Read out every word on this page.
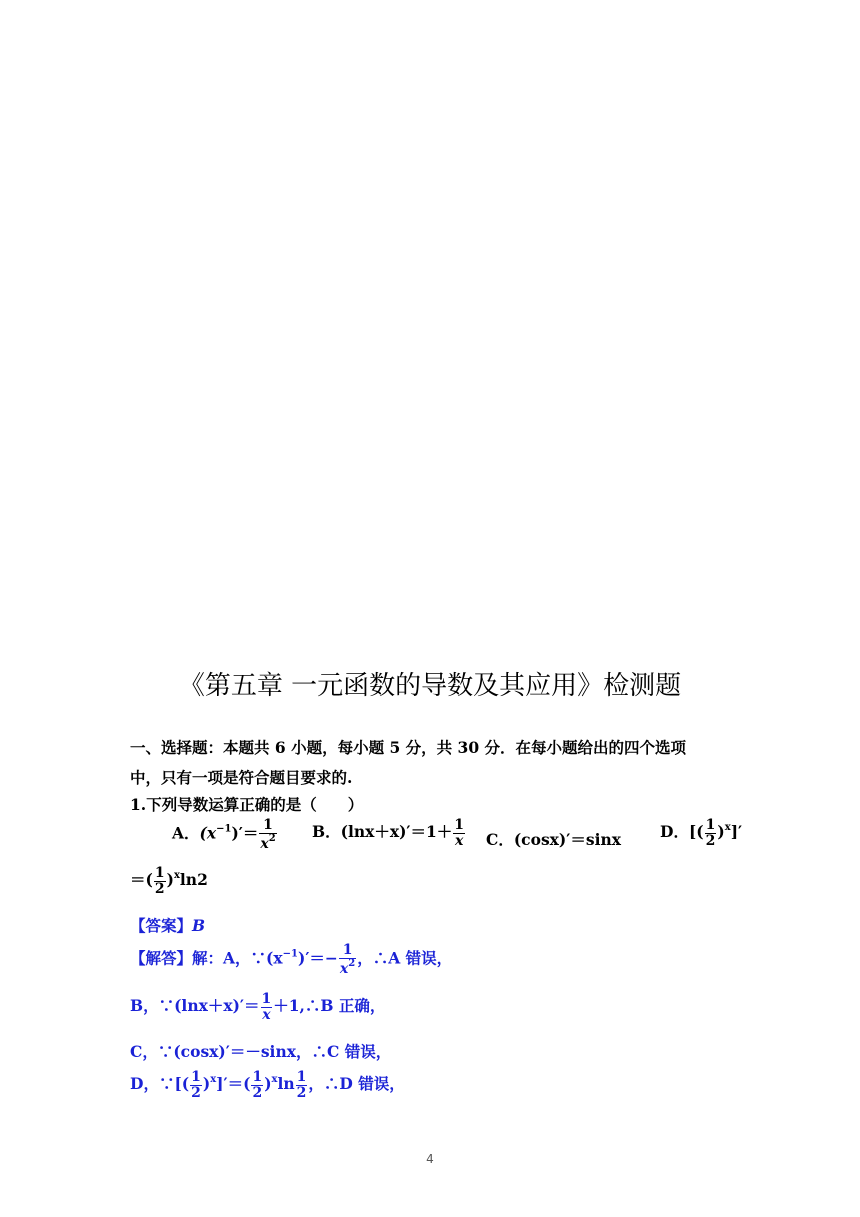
《第五章 一元函数的导数及其应用》检测题
一、选择题：本题共 6 小题，每小题 5 分，共 30 分．在每小题给出的四个选项
中，只有一项是符合题目要求的.
1.下列导数运算正确的是（　　）
A．$(x^{-1})'= \frac{1}{x^2}$ B．$(\ln x+x)'=1+ \frac{1}{x}$ C．(cosx)′＝sinx	D．[( $\frac{1}{2} )^x]'$
＝( $\frac{1}{2} )^x\ln 2$
【答案】B
【解答】解：A，$\because(x^{-1})'=- \frac{1}{x^2}$ ，∴A 错误，
B，∵(lnx＋x)′＝ $\frac{1}{x}$ ＋1,∴B 正确，
C，∵(cosx)′＝－sinx，∴C 错误，
D，∵[( $\frac{1}{2} )^x]'=( \frac{1}{2} )^x\ln \frac{1}{2}$ ，∴D 错误，
4
